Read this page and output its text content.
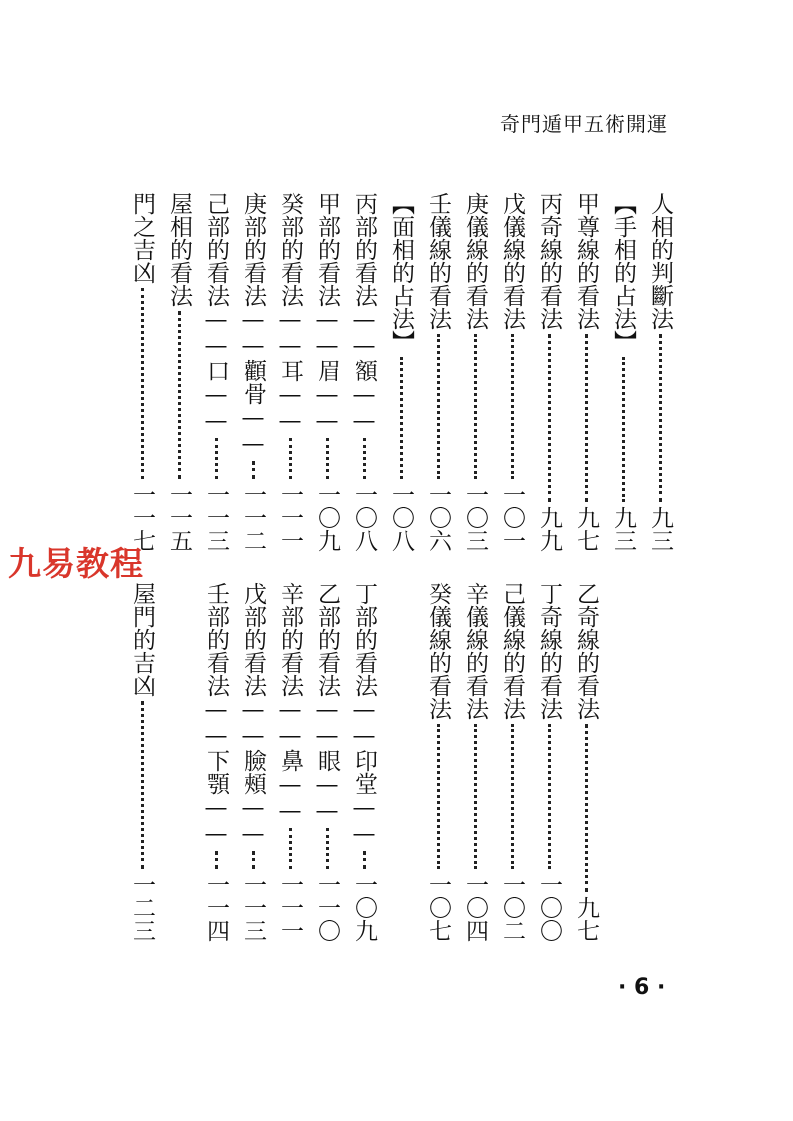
奇門遁甲五術開運
人相的判斷法
九三
【手相的占法】
九三
甲尊線的看法
九七
丙奇線的看法
九九
戊儀線的看法
一〇一
庚儀線的看法
一〇三
壬儀線的看法
一〇六
【面相的占法】
一〇八
丙部的看法——額——
一〇八
甲部的看法——眉——
一〇九
癸部的看法——耳——
一一一
庚部的看法——顴骨——
一一二
己部的看法——口——
一一三
屋相的看法
一一五
門之吉凶
一一七
乙奇線的看法
九七
丁奇線的看法
一〇〇
己儀線的看法
一〇二
辛儀線的看法
一〇四
癸儀線的看法
一〇七
丁部的看法——印堂——
一〇九
乙部的看法——眼——
一一〇
辛部的看法——鼻——
一一一
戊部的看法——臉頰——
一一三
壬部的看法——下顎——
一一四
屋門的吉凶
一二三
九易教程
· 6 ·
